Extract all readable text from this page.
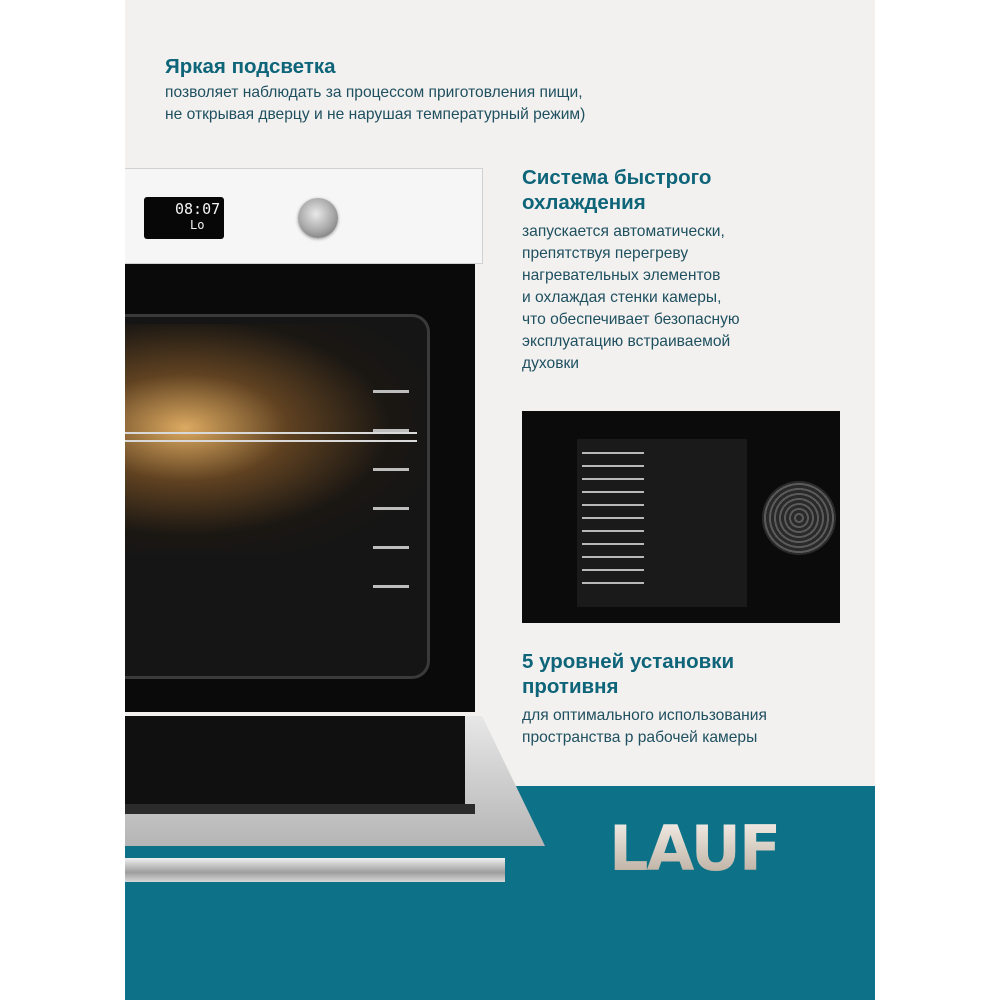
08:07
Lo
Яркая подсветка

позволяет наблюдать за процессом приготовления пищи,
не открывая дверцу и не нарушая температурный режим)

Система быстрого
охлаждения

запускается автоматически,
препятствуя перегреву
нагревательных элементов
и охлаждая стенки камеры,
что обеспечивает безопасную
эксплуатацию встраиваемой
духовки

5 уровней установки
противня

для оптимального использования
пространства р рабочей камеры

LAUF
